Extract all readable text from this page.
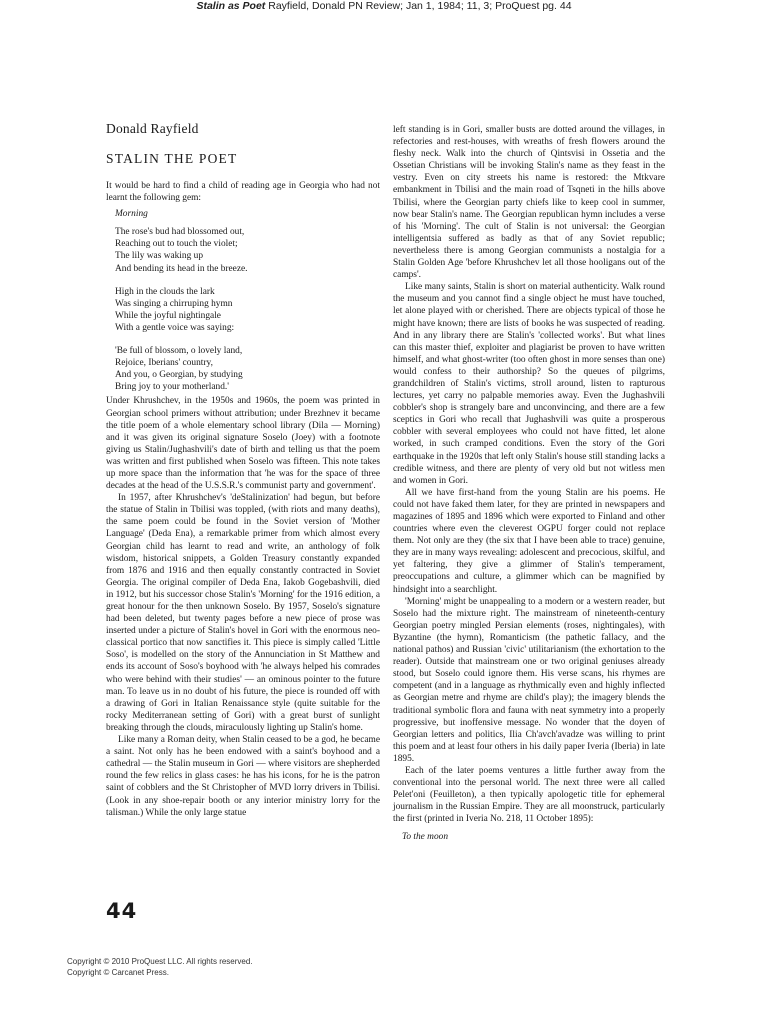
Stalin as Poet Rayfield, Donald PN Review; Jan 1, 1984; 11, 3; ProQuest pg. 44
Donald Rayfield
STALIN THE POET

It would be hard to find a child of reading age in Georgia who had not learnt the following gem:

Morning
The rose's bud had blossomed out,
Reaching out to touch the violet;
The lily was waking up
And bending its head in the breeze.
High in the clouds the lark
Was singing a chirruping hymn
While the joyful nightingale
With a gentle voice was saying:
'Be full of blossom, o lovely land,
Rejoice, Iberians' country,
And you, o Georgian, by studying
Bring joy to your motherland.'

Under Khrushchev, in the 1950s and 1960s, the poem was printed in Georgian school primers without attribution; under Brezhnev it became the title poem of a whole elementary school library (Dila — Morning) and it was given its original signature Soselo (Joey) with a footnote giving us Stalin/Jughashvili's date of birth and telling us that the poem was written and first published when Soselo was fifteen. This note takes up more space than the information that 'he was for the space of three decades at the head of the U.S.S.R.'s communist party and government'.

In 1957, after Khrushchev's 'deStalinization' had begun, but before the statue of Stalin in Tbilisi was toppled, (with riots and many deaths), the same poem could be found in the Soviet version of 'Mother Language' (Deda Ena), a remarkable primer from which almost every Georgian child has learnt to read and write, an anthology of folk wisdom, historical snippets, a Golden Treasury constantly expanded from 1876 and 1916 and then equally constantly contracted in Soviet Georgia. The original compiler of Deda Ena, Iakob Gogebashvili, died in 1912, but his successor chose Stalin's 'Morning' for the 1916 edition, a great honour for the then unknown Soselo. By 1957, Soselo's signature had been deleted, but twenty pages before a new piece of prose was inserted under a picture of Stalin's hovel in Gori with the enormous neo-classical portico that now sanctifies it. This piece is simply called 'Little Soso', is modelled on the story of the Annunciation in St Matthew and ends its account of Soso's boyhood with 'he always helped his comrades who were behind with their studies' — an ominous pointer to the future man. To leave us in no doubt of his future, the piece is rounded off with a drawing of Gori in Italian Renaissance style (quite suitable for the rocky Mediterranean setting of Gori) with a great burst of sunlight breaking through the clouds, miraculously lighting up Stalin's home.

Like many a Roman deity, when Stalin ceased to be a god, he became a saint. Not only has he been endowed with a saint's boyhood and a cathedral — the Stalin museum in Gori — where visitors are shepherded round the few relics in glass cases: he has his icons, for he is the patron saint of cobblers and the St Christopher of MVD lorry drivers in Tbilisi. (Look in any shoe-repair booth or any interior ministry lorry for the talisman.) While the only large statue

left standing is in Gori, smaller busts are dotted around the villages, in refectories and rest-houses, with wreaths of fresh flowers around the fleshy neck. Walk into the church of Qintsvisi in Ossetia and the Ossetian Christians will be invoking Stalin's name as they feast in the vestry. Even on city streets his name is restored: the Mtkvare embankment in Tbilisi and the main road of Tsqneti in the hills above Tbilisi, where the Georgian party chiefs like to keep cool in summer, now bear Stalin's name. The Georgian republican hymn includes a verse of his 'Morning'. The cult of Stalin is not universal: the Georgian intelligentsia suffered as badly as that of any Soviet republic; nevertheless there is among Georgian communists a nostalgia for a Stalin Golden Age 'before Khrushchev let all those hooligans out of the camps'.

Like many saints, Stalin is short on material authenticity. Walk round the museum and you cannot find a single object he must have touched, let alone played with or cherished. There are objects typical of those he might have known; there are lists of books he was suspected of reading. And in any library there are Stalin's 'collected works'. But what lines can this master thief, exploiter and plagiarist be proven to have written himself, and what ghost-writer (too often ghost in more senses than one) would confess to their authorship? So the queues of pilgrims, grandchildren of Stalin's victims, stroll around, listen to rapturous lectures, yet carry no palpable memories away. Even the Jughashvili cobbler's shop is strangely bare and unconvincing, and there are a few sceptics in Gori who recall that Jughashvili was quite a prosperous cobbler with several employees who could not have fitted, let alone worked, in such cramped conditions. Even the story of the Gori earthquake in the 1920s that left only Stalin's house still standing lacks a credible witness, and there are plenty of very old but not witless men and women in Gori.

All we have first-hand from the young Stalin are his poems. He could not have faked them later, for they are printed in newspapers and magazines of 1895 and 1896 which were exported to Finland and other countries where even the cleverest OGPU forger could not replace them. Not only are they (the six that I have been able to trace) genuine, they are in many ways revealing: adolescent and precocious, skilful, and yet faltering, they give a glimmer of Stalin's temperament, preoccupations and culture, a glimmer which can be magnified by hindsight into a searchlight.

'Morning' might be unappealing to a modern or a western reader, but Soselo had the mixture right. The mainstream of nineteenth-century Georgian poetry mingled Persian elements (roses, nightingales), with Byzantine (the hymn), Romanticism (the pathetic fallacy, and the national pathos) and Russian 'civic' utilitarianism (the exhortation to the reader). Outside that mainstream one or two original geniuses already stood, but Soselo could ignore them. His verse scans, his rhymes are competent (and in a language as rhythmically even and highly inflected as Georgian metre and rhyme are child's play); the imagery blends the traditional symbolic flora and fauna with neat symmetry into a properly progressive, but inoffensive message. No wonder that the doyen of Georgian letters and politics, Ilia Ch'avch'avadze was willing to print this poem and at least four others in his daily paper Iveria (Iberia) in late 1895.

Each of the later poems ventures a little further away from the conventional into the personal world. The next three were all called Pelet'oni (Feuilleton), a then typically apologetic title for ephemeral journalism in the Russian Empire. They are all moonstruck, particularly the first (printed in Iveria No. 218, 11 October 1895):

To the moon
44
Copyright © 2010 ProQuest LLC. All rights reserved.
Copyright © Carcanet Press.
